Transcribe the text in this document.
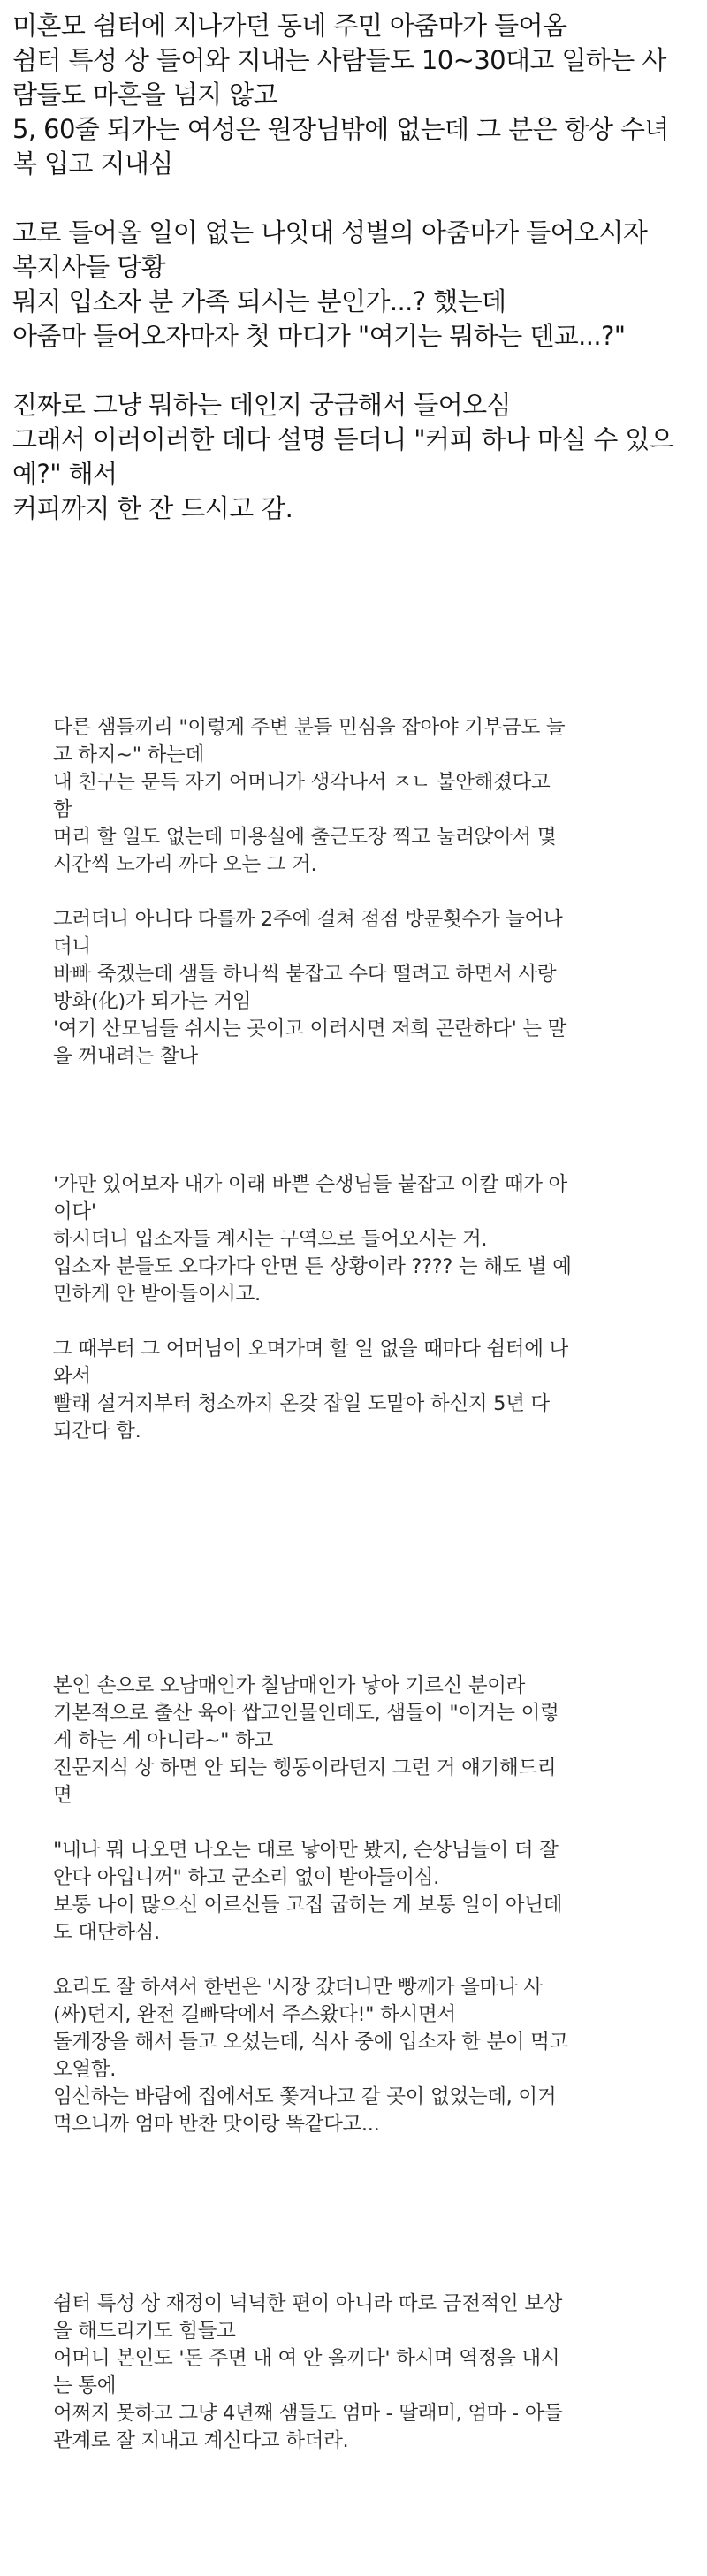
미혼모 쉼터에 지나가던 동네 주민 아줌마가 들어옴
쉼터 특성 상 들어와 지내는 사람들도 10~30대고 일하는 사
람들도 마흔을 넘지 않고
5, 60줄 되가는 여성은 원장님밖에 없는데 그 분은 항상 수녀
복 입고 지내심
고로 들어올 일이 없는 나잇대 성별의 아줌마가 들어오시자
복지사들 당황
뭐지 입소자 분 가족 되시는 분인가...? 했는데
아줌마 들어오자마자 첫 마디가 "여기는 뭐하는 덴교...?"
진짜로 그냥 뭐하는 데인지 궁금해서 들어오심
그래서 이러이러한 데다 설명 듣더니 "커피 하나 마실 수 있으
예?" 해서
커피까지 한 잔 드시고 감.
다른 샘들끼리 "이렇게 주변 분들 민심을 잡아야 기부금도 늘
고 하지~" 하는데
내 친구는 문득 자기 어머니가 생각나서 ㅈㄴ 불안해졌다고
함
머리 할 일도 없는데 미용실에 출근도장 찍고 눌러앉아서 몇
시간씩 노가리 까다 오는 그 거.
그러더니 아니다 다를까 2주에 걸쳐 점점 방문횟수가 늘어나
더니
바빠 죽겠는데 샘들 하나씩 붙잡고 수다 떨려고 하면서 사랑
방화(化)가 되가는 거임
'여기 산모님들 쉬시는 곳이고 이러시면 저희 곤란하다' 는 말
을 꺼내려는 찰나
'가만 있어보자 내가 이래 바쁜 슨생님들 붙잡고 이칼 때가 아
이다'
하시더니 입소자들 계시는 구역으로 들어오시는 거.
입소자 분들도 오다가다 안면 튼 상황이라 ???? 는 해도 별 예
민하게 안 받아들이시고.
그 때부터 그 어머님이 오며가며 할 일 없을 때마다 쉼터에 나
와서
빨래 설거지부터 청소까지 온갖 잡일 도맡아 하신지 5년 다
되간다 함.
본인 손으로 오남매인가 칠남매인가 낳아 기르신 분이라
기본적으로 출산 육아 쌉고인물인데도, 샘들이 "이거는 이렇
게 하는 게 아니라~" 하고
전문지식 상 하면 안 되는 행동이라던지 그런 거 얘기해드리
면
"내나 뭐 나오면 나오는 대로 낳아만 봤지, 슨상님들이 더 잘
안다 아입니꺼" 하고 군소리 없이 받아들이심.
보통 나이 많으신 어르신들 고집 굽히는 게 보통 일이 아닌데
도 대단하심.
요리도 잘 하셔서 한번은 '시장 갔더니만 빵께가 을마나 사
(싸)던지, 완전 길빠닥에서 주스왔다!" 하시면서
돌게장을 해서 들고 오셨는데, 식사 중에 입소자 한 분이 먹고
오열함.
임신하는 바람에 집에서도 쫓겨나고 갈 곳이 없었는데, 이거
먹으니까 엄마 반찬 맛이랑 똑같다고...
쉼터 특성 상 재정이 넉넉한 편이 아니라 따로 금전적인 보상
을 해드리기도 힘들고
어머니 본인도 '돈 주면 내 여 안 올끼다' 하시며 역정을 내시
는 통에
어쩌지 못하고 그냥 4년째 샘들도 엄마 - 딸래미, 엄마 - 아들
관계로 잘 지내고 계신다고 하더라.
